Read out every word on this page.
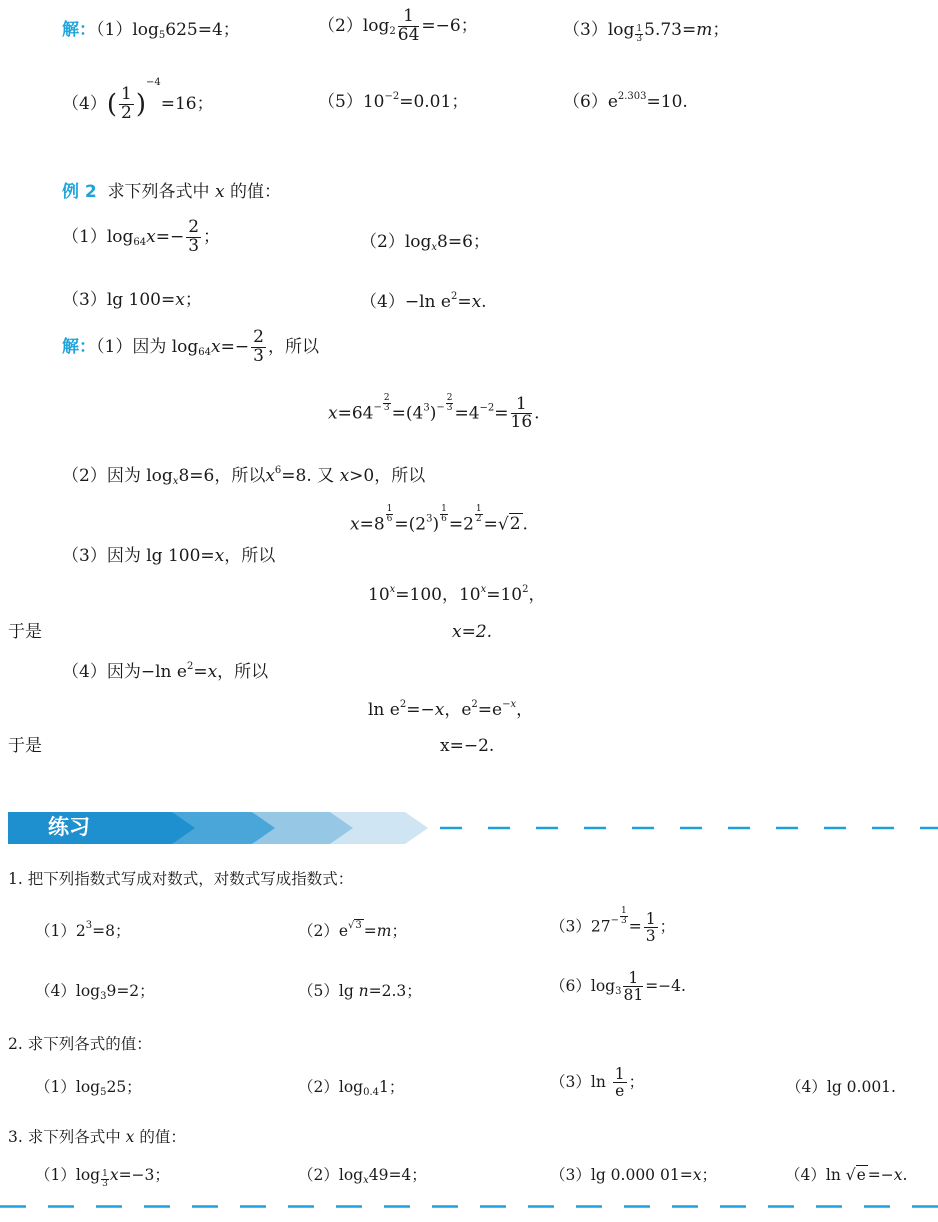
解：$(1)\log_5625=4$；	$(2)\log_2 \frac{1}{64} =-6$；	$(3)\log \frac{1}{3} 5.73=m$；
$(4)( \frac{1}{2} )^{-4}=16$；	$(5)10^{-2}=0.01$；	$(6)e^{2.303}=10$.
例 2 求下列各式中 x 的值：
$(1)\log_{64}x=- \frac{2}{3}$ ；	$(2)\log_x8=6$；
（3）lg 100=x；	（4）−ln $e^2=x$.
解：（1）因为 $\log_{64}x=- \frac{2}{3}$ ，所以
$x=64^{- \frac{2}{3}} =(4^3)^{- \frac{2}{3}} =4^{-2}= \frac{1}{16}$ .
（2）因为 $\log_x8=6$，所以$x^6=8$. 又 x>0，所以
x=8 $^{\frac{1}{6}} =(2^3)$ $^{\frac{1}{6}}$ =2 $^{\frac{1}{2}}$ =√2 .
（3）因为 lg 100=x，所以
$10^x=100$，$10^x=10^2$，
于是	x=2.
（4）因为−ln $e^2=x$，所以
$\ln e^2=-x$，$e^2=e^{-x}$，
于是	x=−2.
练习
1. 把下列指数式写成对数式，对数式写成指数式：
$(1)2^3=8$；	$(2)e^{√3} =m$；	$(3)27^{- \frac{1}{3}} = \frac{1}{3}$ ；
$(4)\log_39=2$；	（5）lg n=2.3；	$(6)\log_3 \frac{1}{81} =-4$.
2. 求下列各式的值：
$(1)\log_525$；	$(2)\log_{0.4}1$；	$(3)\ln \frac{1}{e}$ ；	（4）lg 0.001.
3. 求下列各式中 x 的值：
$(1)\log \frac{1}{3} x=-3$；	$(2)\log_x49=4$；	（3）lg 0.000 01=x；	（4）ln √e =−x.
